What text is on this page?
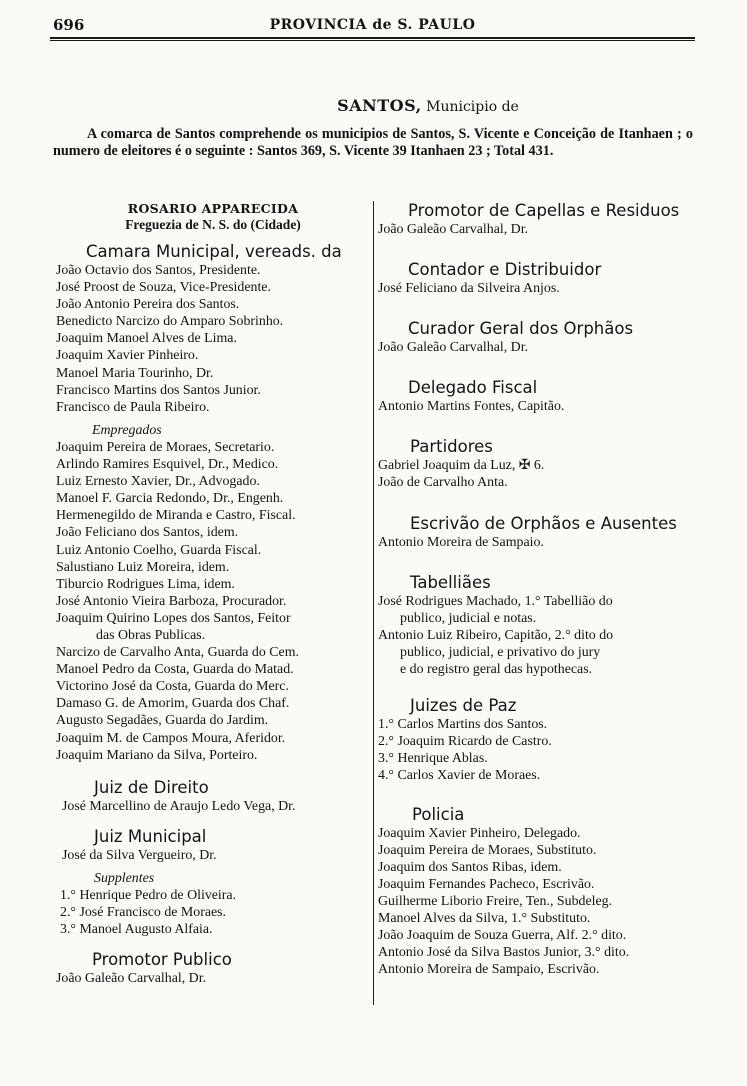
696	PROVINCIA de S. PAULO
SANTOS, Municipio de
A comarca de Santos comprehende os municipios de Santos, S. Vicente e Conceição de Itanhaen ; o numero de eleitores é o seguinte : Santos 369, S. Vicente 39 Itanhaen 23 ; Total 431.
ROSARIO APPARECIDA
Freguezia de N. S. do (Cidade)
Camara Municipal, vereads. da
João Octavio dos Santos, Presidente.
José Proost de Souza, Vice-Presidente.
João Antonio Pereira dos Santos.
Benedicto Narcizo do Amparo Sobrinho.
Joaquim Manoel Alves de Lima.
Joaquim Xavier Pinheiro.
Manoel Maria Tourinho, Dr.
Francisco Martins dos Santos Junior.
Francisco de Paula Ribeiro.
Empregados
Joaquim Pereira de Moraes, Secretario.
Arlindo Ramires Esquivel, Dr., Medico.
Luiz Ernesto Xavier, Dr., Advogado.
Manoel F. Garcia Redondo, Dr., Engenh.
Hermenegildo de Miranda e Castro, Fiscal.
João Feliciano dos Santos, idem.
Luiz Antonio Coelho, Guarda Fiscal.
Salustiano Luiz Moreira, idem.
Tiburcio Rodrigues Lima, idem.
José Antonio Vieira Barboza, Procurador.
Joaquim Quirino Lopes dos Santos, Feitor
das Obras Publicas.
Narcizo de Carvalho Anta, Guarda do Cem.
Manoel Pedro da Costa, Guarda do Matad.
Victorino José da Costa, Guarda do Merc.
Damaso G. de Amorim, Guarda dos Chaf.
Augusto Segadães, Guarda do Jardim.
Joaquim M. de Campos Moura, Aferidor.
Joaquim Mariano da Silva, Porteiro.
Juiz de Direito
José Marcellino de Araujo Ledo Vega, Dr.
Juiz Municipal
José da Silva Vergueiro, Dr.
Supplentes
1.° Henrique Pedro de Oliveira.
2.° José Francisco de Moraes.
3.° Manoel Augusto Alfaia.
Promotor Publico
João Galeão Carvalhal, Dr.
Promotor de Capellas e Residuos
João Galeão Carvalhal, Dr.
Contador e Distribuidor
José Feliciano da Silveira Anjos.
Curador Geral dos Orphãos
João Galeão Carvalhal, Dr.
Delegado Fiscal
Antonio Martins Fontes, Capitão.
Partidores
Gabriel Joaquim da Luz, ✠ 6.
João de Carvalho Anta.
Escrivão de Orphãos e Ausentes
Antonio Moreira de Sampaio.
Tabelliães
José Rodrigues Machado, 1.° Tabellião do
publico, judicial e notas.
Antonio Luiz Ribeiro, Capitão, 2.° dito do
publico, judicial, e privativo do jury
e do registro geral das hypothecas.
Juizes de Paz
1.° Carlos Martins dos Santos.
2.° Joaquim Ricardo de Castro.
3.° Henrique Ablas.
4.° Carlos Xavier de Moraes.
Policia
Joaquim Xavier Pinheiro, Delegado.
Joaquim Pereira de Moraes, Substituto.
Joaquim dos Santos Ribas, idem.
Joaquim Fernandes Pacheco, Escrivão.
Guilherme Liborio Freire, Ten., Subdeleg.
Manoel Alves da Silva, 1.° Substituto.
João Joaquim de Souza Guerra, Alf. 2.° dito.
Antonio José da Silva Bastos Junior, 3.° dito.
Antonio Moreira de Sampaio, Escrivão.
